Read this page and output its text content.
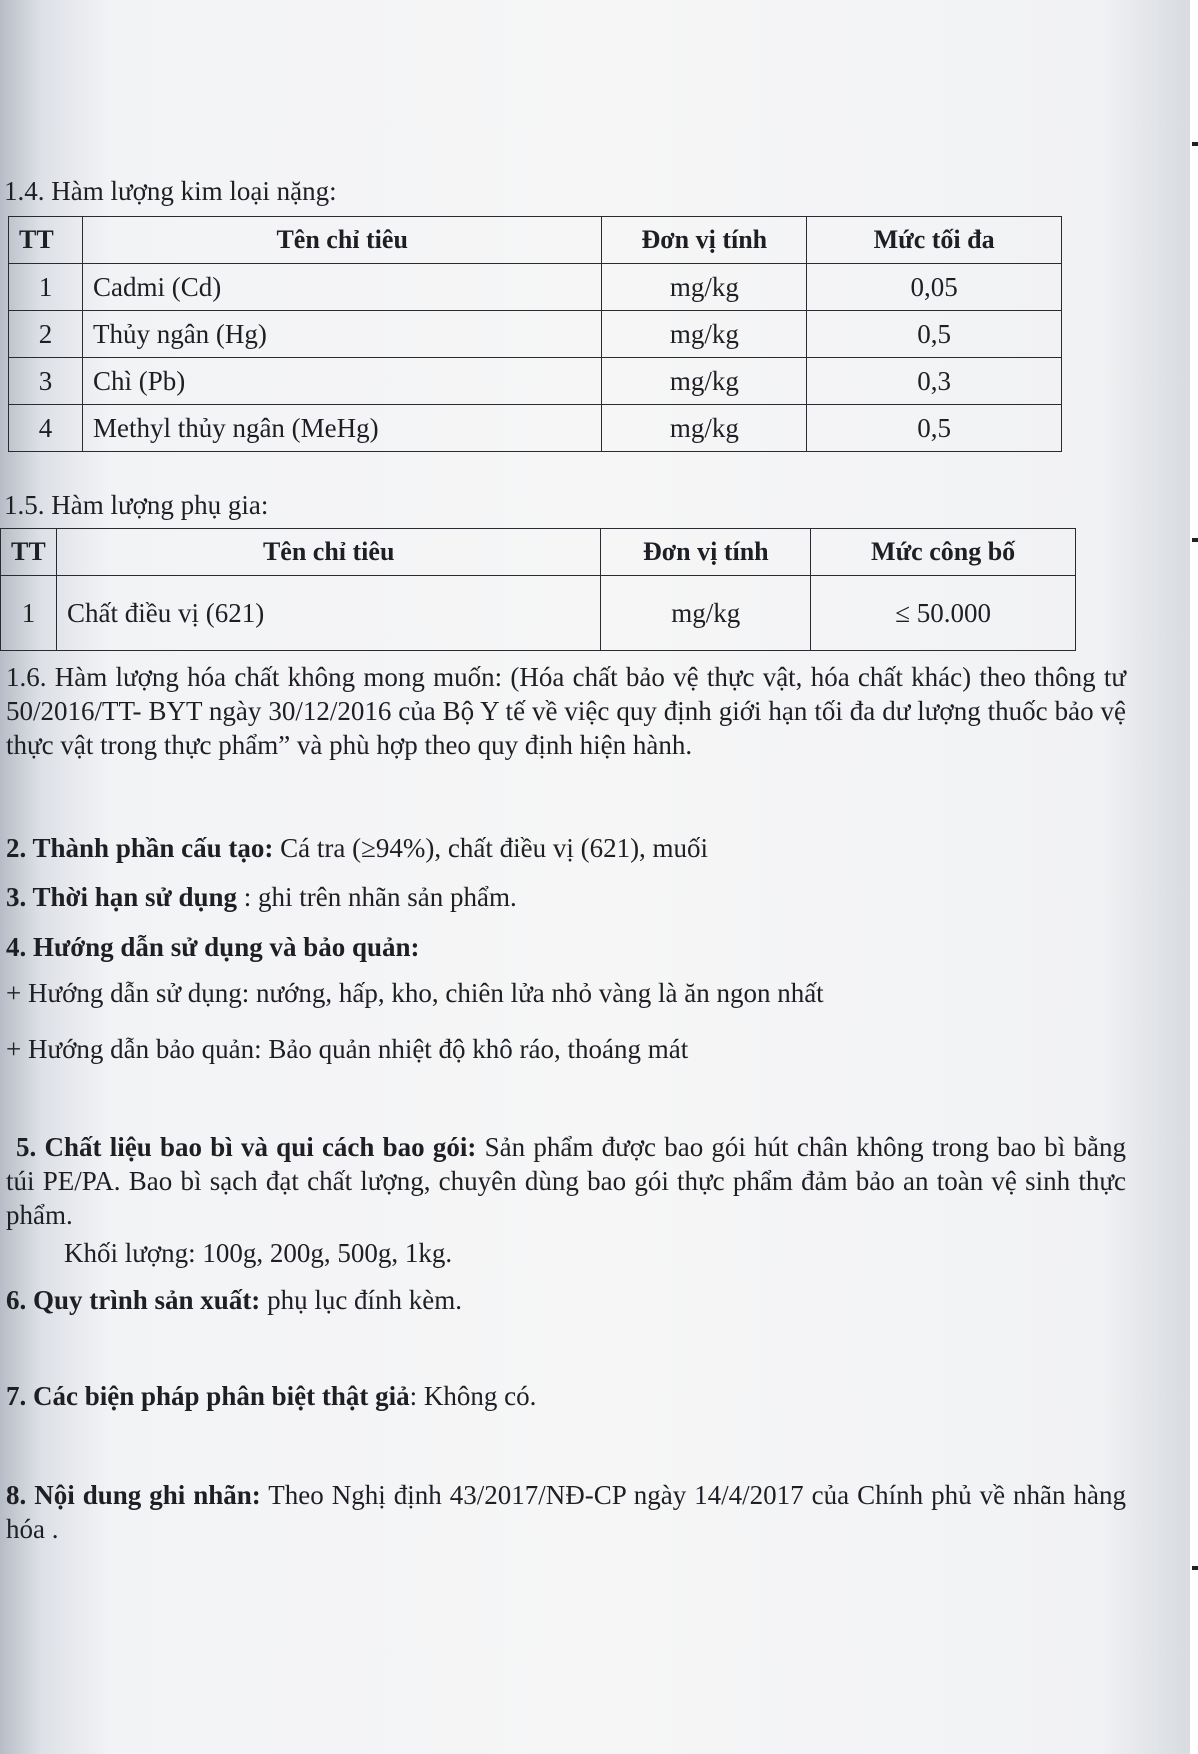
1.4. Hàm lượng kim loại nặng:
TT	Tên chỉ tiêu	Đơn vị tính	Mức tối đa
1	Cadmi (Cd)	mg/kg	0,05
2	Thủy ngân (Hg)	mg/kg	0,5
3	Chì (Pb)	mg/kg	0,3
4	Methyl thủy ngân (MeHg)	mg/kg	0,5
1.5. Hàm lượng phụ gia:
TT	Tên chỉ tiêu	Đơn vị tính	Mức công bố
1	Chất điều vị (621)	mg/kg	≤ 50.000
1.6. Hàm lượng hóa chất không mong muốn: (Hóa chất bảo vệ thực vật, hóa chất khác) theo thông tư 50/2016/TT- BYT ngày 30/12/2016 của Bộ Y tế về việc quy định giới hạn tối đa dư lượng thuốc bảo vệ thực vật trong thực phẩm” và phù hợp theo quy định hiện hành.
2. Thành phần cấu tạo: Cá tra (≥94%), chất điều vị (621), muối
3. Thời hạn sử dụng : ghi trên nhãn sản phẩm.
4. Hướng dẫn sử dụng và bảo quản:
+ Hướng dẫn sử dụng: nướng, hấp, kho, chiên lửa nhỏ vàng là ăn ngon nhất
+ Hướng dẫn bảo quản: Bảo quản nhiệt độ khô ráo, thoáng mát
5. Chất liệu bao bì và qui cách bao gói: Sản phẩm được bao gói hút chân không trong bao bì bằng túi PE/PA. Bao bì sạch đạt chất lượng, chuyên dùng bao gói thực phẩm đảm bảo an toàn vệ sinh thực phẩm.
Khối lượng: 100g, 200g, 500g, 1kg.
6. Quy trình sản xuất: phụ lục đính kèm.
7. Các biện pháp phân biệt thật giả: Không có.
8. Nội dung ghi nhãn: Theo Nghị định 43/2017/NĐ-CP ngày 14/4/2017 của Chính phủ về nhãn hàng hóa .
